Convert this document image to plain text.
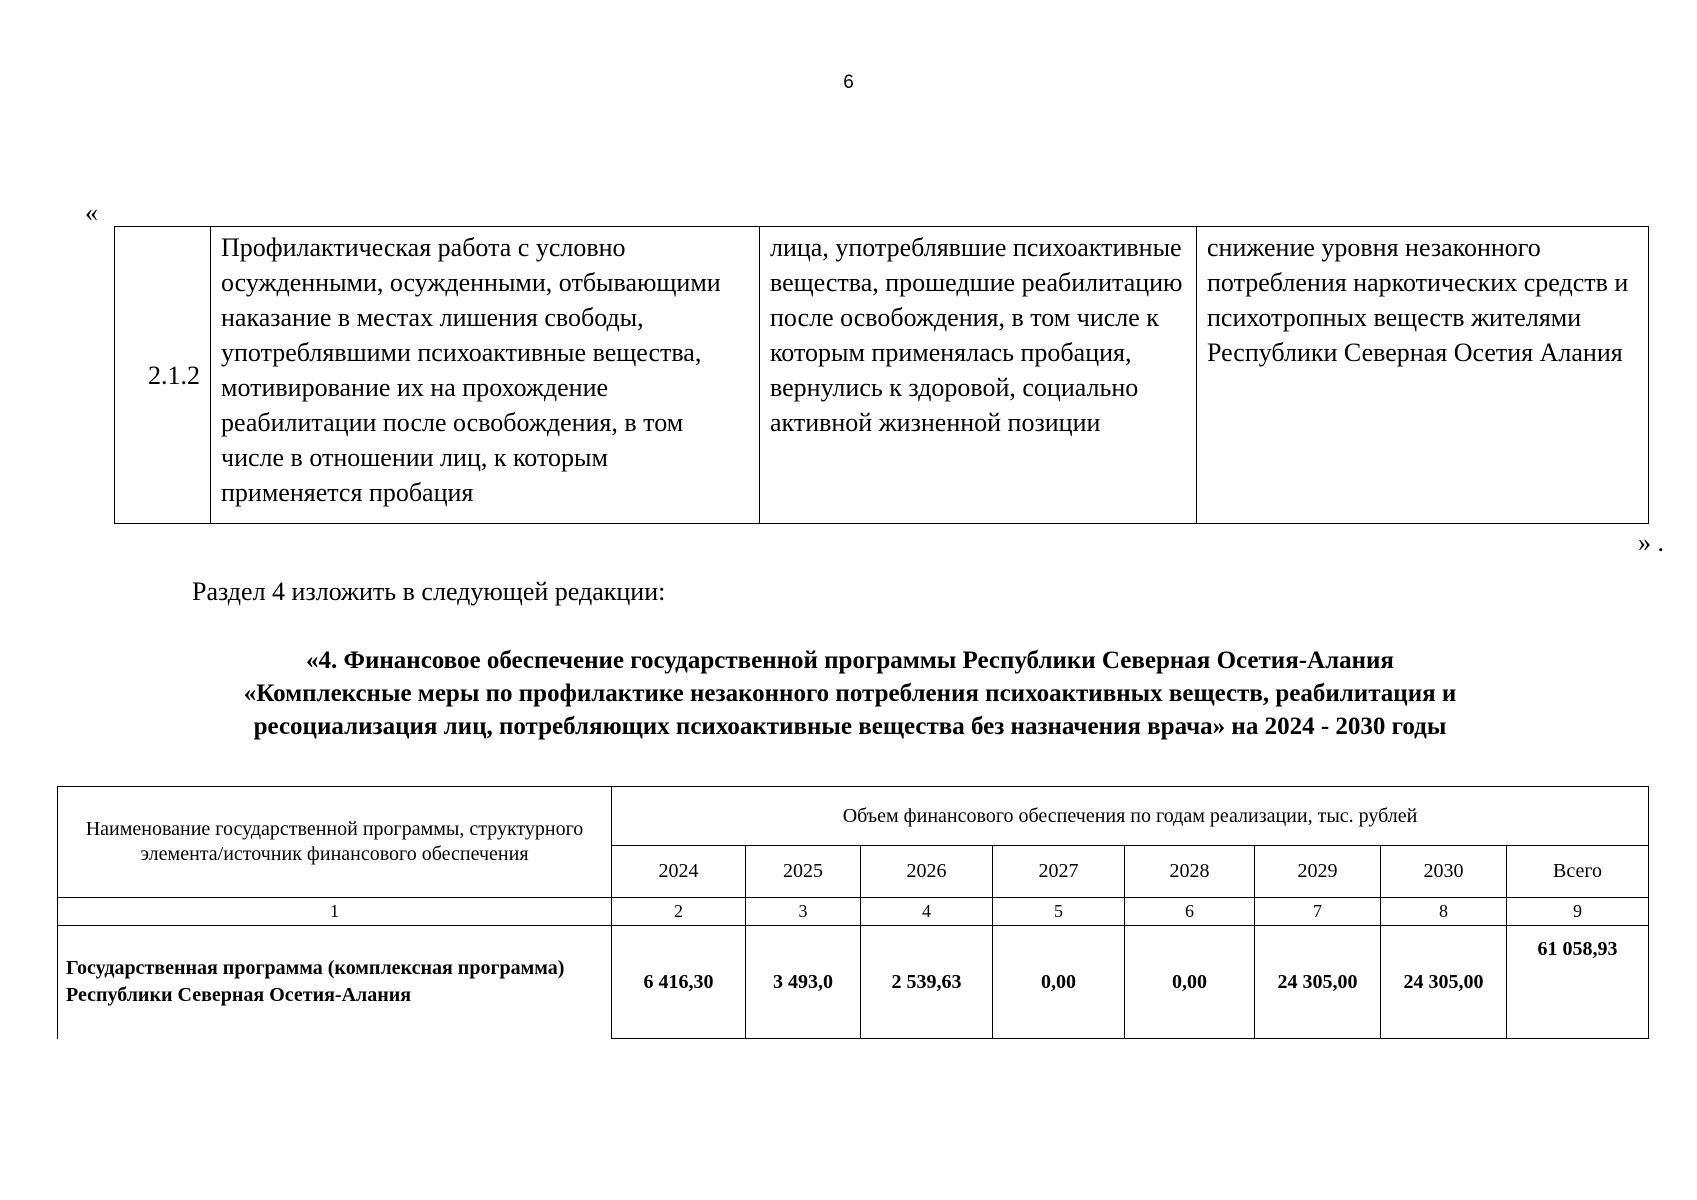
6
«
2.1.2	Профилактическая работа с условно осужденными, осужденными, отбывающими наказание в местах лишения свободы, употреблявшими психоактивные вещества, мотивирование их на прохождение реабилитации после освобождения, в том числе в отношении лиц, к которым применяется пробация	лица, употреблявшие психоактивные вещества, прошедшие реабилитацию после освобождения, в том числе к которым применялась пробация, вернулись к здоровой, социально активной жизненной позиции	снижение уровня незаконного потребления наркотических средств и психотропных веществ жителями Республики Северная Осетия Алания
» .
Раздел 4 изложить в следующей редакции:
«4. Финансовое обеспечение государственной программы Республики Северная Осетия-Алания
«Комплексные меры по профилактике незаконного потребления психоактивных веществ, реабилитация и
ресоциализация лиц, потребляющих психоактивные вещества без назначения врача» на 2024 - 2030 годы
Наименование государственной программы, структурного элемента/источник финансового обеспечения	Объем финансового обеспечения по годам реализации, тыс. рублей							
	2024	2025	2026	2027	2028	2029	2030	Всего
1	2	3	4	5	6	7	8	9
Государственная программа (комплексная программа) Республики Северная Осетия-Алания	6 416,30	3 493,0	2 539,63	0,00	0,00	24 305,00	24 305,00	61 058,93
